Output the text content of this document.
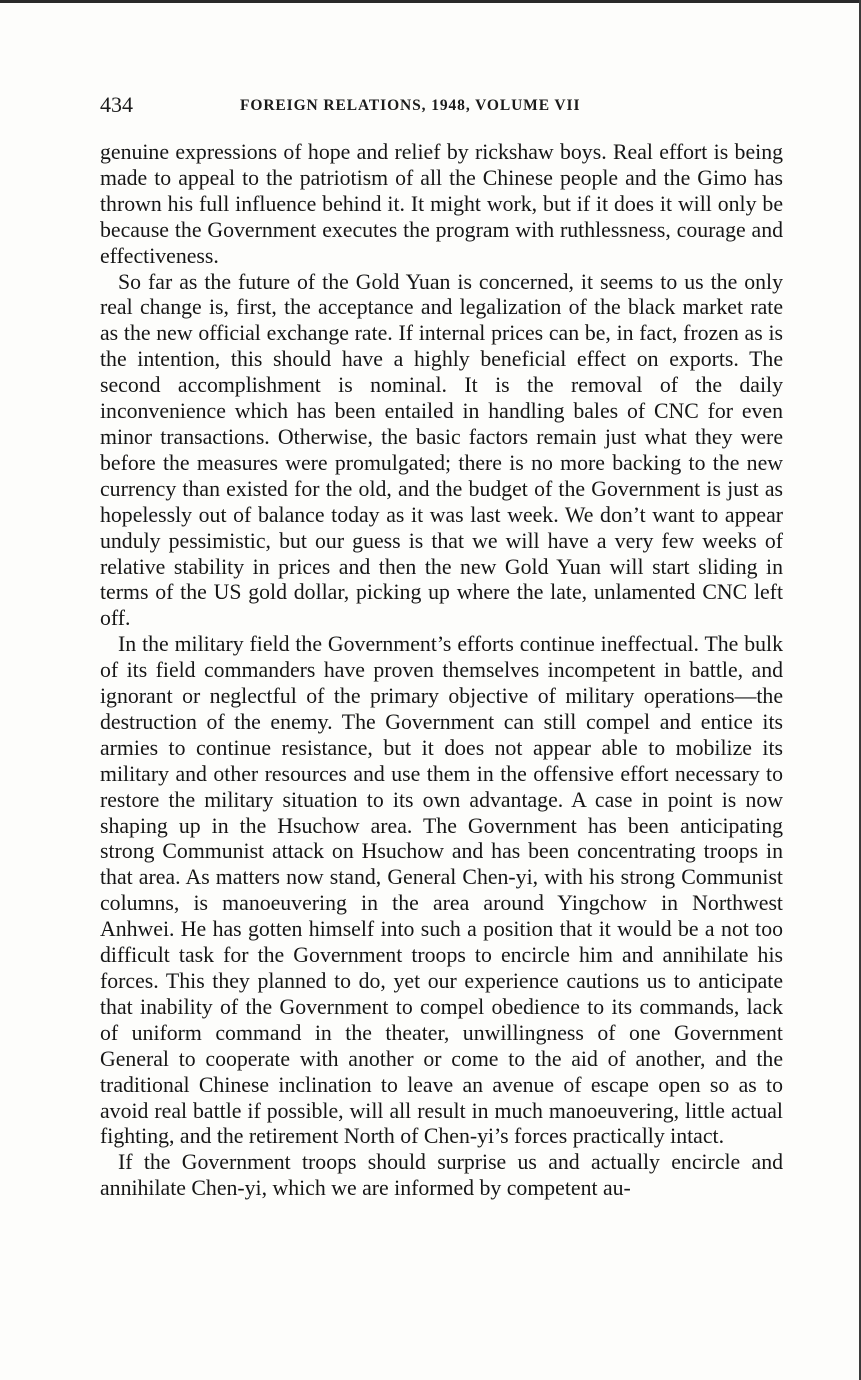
434	FOREIGN RELATIONS, 1948, VOLUME VII

genuine expressions of hope and relief by rickshaw boys. Real effort is being made to appeal to the patriotism of all the Chinese people and the Gimo has thrown his full influence behind it. It might work, but if it does it will only be because the Government executes the program with ruthlessness, courage and effectiveness.

So far as the future of the Gold Yuan is concerned, it seems to us the only real change is, first, the acceptance and legalization of the black market rate as the new official exchange rate. If internal prices can be, in fact, frozen as is the intention, this should have a highly beneficial effect on exports. The second accomplishment is nominal. It is the removal of the daily inconvenience which has been entailed in handling bales of CNC for even minor transactions. Otherwise, the basic factors remain just what they were before the measures were promulgated; there is no more backing to the new currency than existed for the old, and the budget of the Government is just as hopelessly out of balance today as it was last week. We don’t want to appear unduly pessimistic, but our guess is that we will have a very few weeks of relative stability in prices and then the new Gold Yuan will start sliding in terms of the US gold dollar, picking up where the late, unlamented CNC left off.

In the military field the Government’s efforts continue ineffectual. The bulk of its field commanders have proven themselves incompetent in battle, and ignorant or neglectful of the primary objective of military operations—the destruction of the enemy. The Government can still compel and entice its armies to continue resistance, but it does not appear able to mobilize its military and other resources and use them in the offensive effort necessary to restore the military situation to its own advantage. A case in point is now shaping up in the Hsuchow area. The Government has been anticipating strong Communist attack on Hsuchow and has been concentrating troops in that area. As matters now stand, General Chen-yi, with his strong Communist columns, is manoeuvering in the area around Yingchow in Northwest Anhwei. He has gotten himself into such a position that it would be a not too difficult task for the Government troops to encircle him and annihilate his forces. This they planned to do, yet our experience cautions us to anticipate that inability of the Government to compel obedience to its commands, lack of uniform command in the theater, unwillingness of one Government General to cooperate with another or come to the aid of another, and the traditional Chinese inclination to leave an avenue of escape open so as to avoid real battle if possible, will all result in much manoeuvering, little actual fighting, and the retirement North of Chen-yi’s forces practically intact.

If the Government troops should surprise us and actually encircle and annihilate Chen-yi, which we are informed by competent au-
